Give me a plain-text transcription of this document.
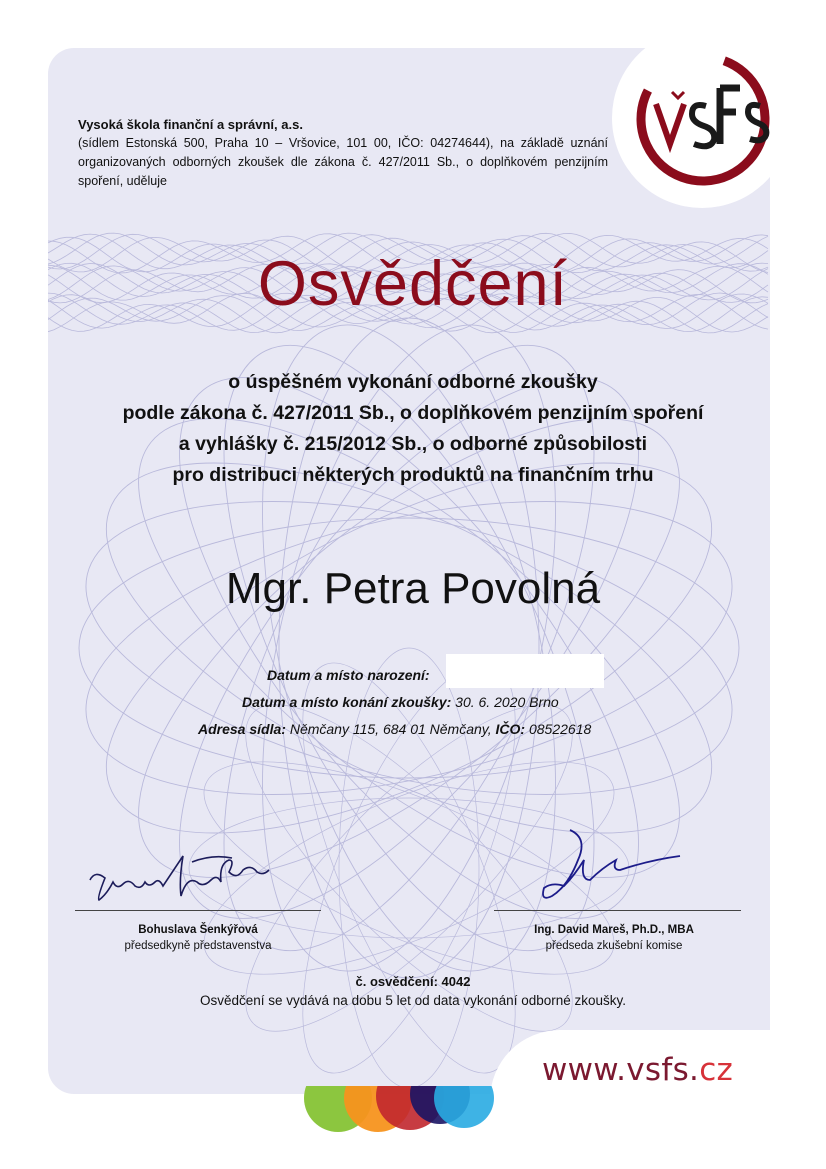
Vysoká škola finanční a správní, a.s.
(sídlem Estonská 500, Praha 10 – Vršovice, 101 00, IČO: 04274644), na základě uznání organizovaných odborných zkoušek dle zákona č. 427/2011 Sb., o doplňkovém penzijním spoření, uděluje
Osvědčení
o úspěšném vykonání odborné zkoušky
podle zákona č. 427/2011 Sb., o doplňkovém penzijním spoření
a vyhlášky č. 215/2012 Sb., o odborné způsobilosti
pro distribuci některých produktů na finančním trhu
Mgr. Petra Povolná
Datum a místo narození:
Datum a místo konání zkoušky: 30. 6. 2020 Brno
Adresa sídla: Němčany 115, 684 01 Němčany, IČO: 08522618
Bohuslava Šenkýřová
předsedkyně představenstva
Ing. David Mareš, Ph.D., MBA
předseda zkušební komise
č. osvědčení: 4042
Osvědčení se vydává na dobu 5 let od data vykonání odborné zkoušky.
www.vsfs.cz
